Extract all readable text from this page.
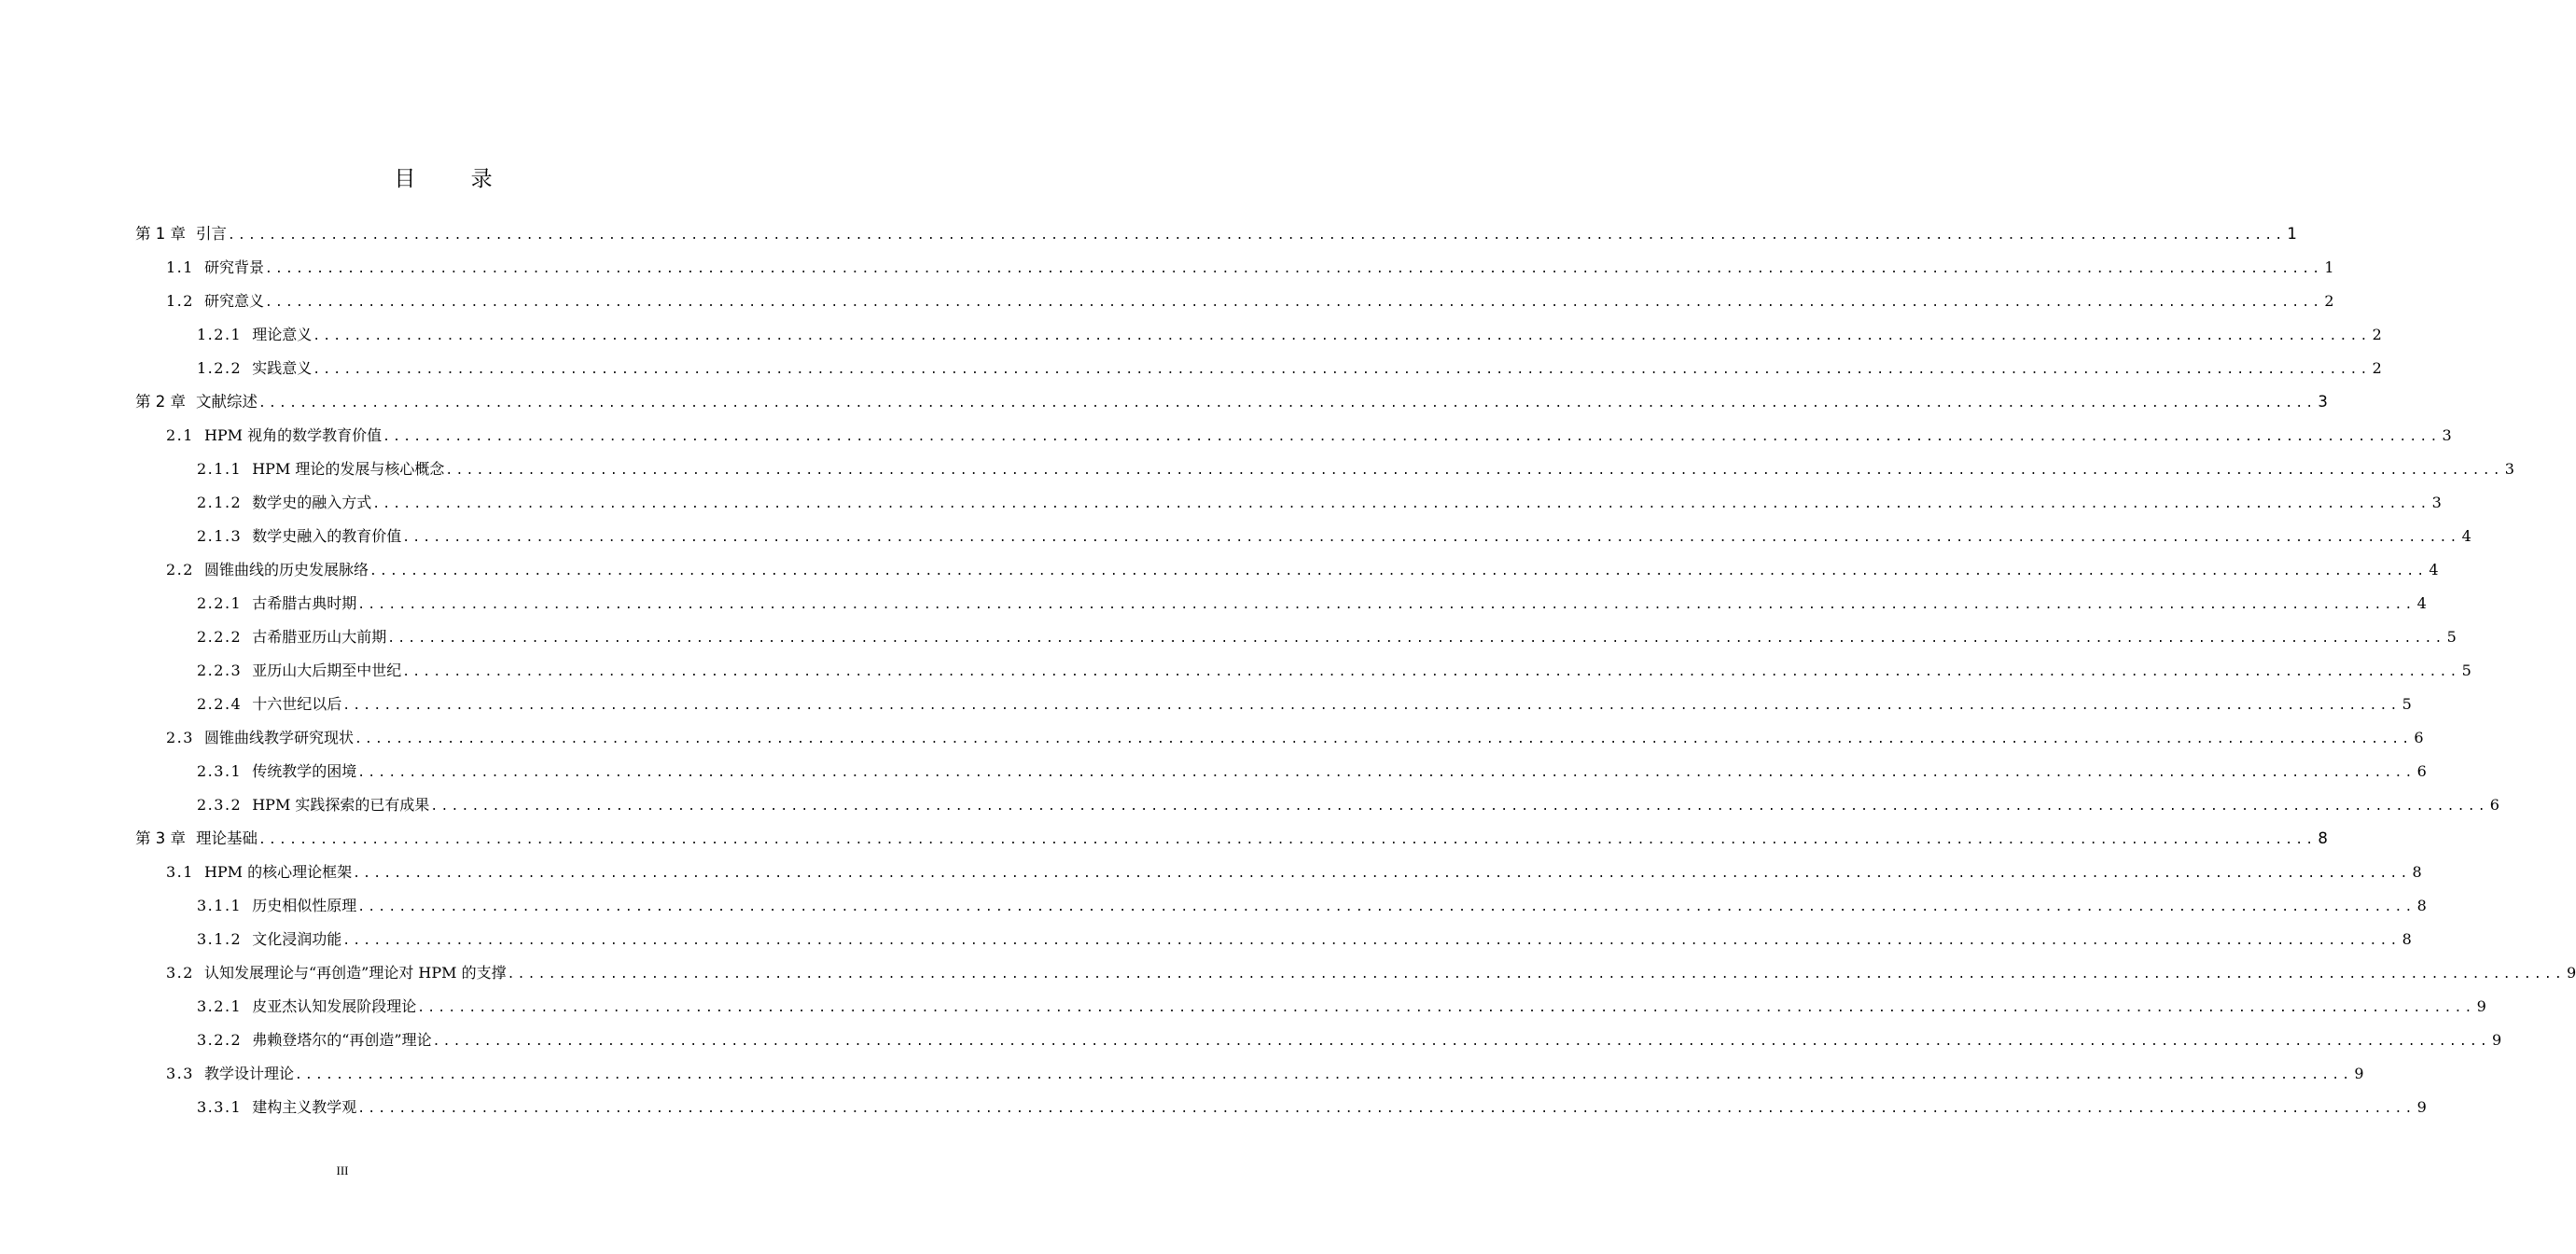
目 录
第 1 章 引言 ........................................................................................................................................................................................................ 1
1.1 研究背景 ........................................................................................................................................................................................................ 1
1.2 研究意义 ........................................................................................................................................................................................................ 2
1.2.1 理论意义 ........................................................................................................................................................................................................ 2
1.2.2 实践意义 ........................................................................................................................................................................................................ 2
第 2 章 文献综述 ........................................................................................................................................................................................................ 3
2.1 HPM 视角的数学教育价值 ........................................................................................................................................................................................................ 3
2.1.1 HPM 理论的发展与核心概念 ........................................................................................................................................................................................................ 3
2.1.2 数学史的融入方式 ........................................................................................................................................................................................................ 3
2.1.3 数学史融入的教育价值 ........................................................................................................................................................................................................ 4
2.2 圆锥曲线的历史发展脉络 ........................................................................................................................................................................................................ 4
2.2.1 古希腊古典时期 ........................................................................................................................................................................................................ 4
2.2.2 古希腊亚历山大前期 ........................................................................................................................................................................................................ 5
2.2.3 亚历山大后期至中世纪 ........................................................................................................................................................................................................ 5
2.2.4 十六世纪以后 ........................................................................................................................................................................................................ 5
2.3 圆锥曲线教学研究现状 ........................................................................................................................................................................................................ 6
2.3.1 传统教学的困境 ........................................................................................................................................................................................................ 6
2.3.2 HPM 实践探索的已有成果 ........................................................................................................................................................................................................ 6
第 3 章 理论基础 ........................................................................................................................................................................................................ 8
3.1 HPM 的核心理论框架 ........................................................................................................................................................................................................ 8
3.1.1 历史相似性原理 ........................................................................................................................................................................................................ 8
3.1.2 文化浸润功能 ........................................................................................................................................................................................................ 8
3.2 认知发展理论与“再创造”理论对 HPM 的支撑 ........................................................................................................................................................................................................ 9
3.2.1 皮亚杰认知发展阶段理论 ........................................................................................................................................................................................................ 9
3.2.2 弗赖登塔尔的“再创造”理论 ........................................................................................................................................................................................................ 9
3.3 教学设计理论 ........................................................................................................................................................................................................ 9
3.3.1 建构主义教学观 ........................................................................................................................................................................................................ 9
III
